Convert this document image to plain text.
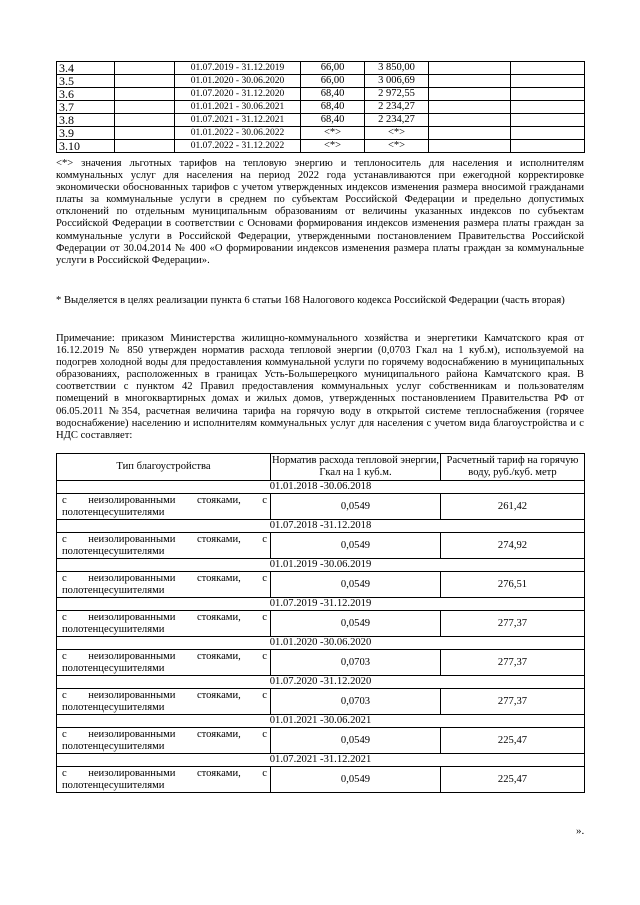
3.4		01.07.2019 - 31.12.2019	66,00	3 850,00		
3.5		01.01.2020 - 30.06.2020	66,00	3 006,69		
3.6		01.07.2020 - 31.12.2020	68,40	2 972,55		
3.7		01.01.2021 - 30.06.2021	68,40	2 234,27		
3.8		01.07.2021 - 31.12.2021	68,40	2 234,27		
3.9		01.01.2022 - 30.06.2022	<*>	<*>		
3.10		01.07.2022 - 31.12.2022	<*>	<*>		

<*> значения льготных тарифов на тепловую энергию и теплоноситель для населения и исполнителям коммунальных услуг для населения на период 2022 года устанавливаются при ежегодной корректировке экономически обоснованных тарифов с учетом утвержденных индексов изменения размера вносимой гражданами платы за коммунальные услуги в среднем по субъектам Российской Федерации и предельно допустимых отклонений по отдельным муниципальным образованиям от величины указанных индексов по субъектам Российской Федерации в соответствии с Основами формирования индексов изменения размера платы граждан за коммунальные услуги в Российской Федерации, утвержденными постановлением Правительства Российской Федерации от 30.04.2014 № 400 «О формировании индексов изменения размера платы граждан за коммунальные услуги в Российской Федерации».

* Выделяется в целях реализации пункта 6 статьи 168 Налогового кодекса Российской Федерации (часть вторая)

Примечание: приказом Министерства жилищно-коммунального хозяйства и энергетики Камчатского края от 16.12.2019 № 850 утвержден норматив расхода тепловой энергии (0,0703 Гкал на 1 куб.м), используемой на подогрев холодной воды для предоставления коммунальной услуги по горячему водоснабжению в муниципальных образованиях, расположенных в границах Усть-Большерецкого муниципального района Камчатского края. В соответствии с пунктом 42 Правил предоставления коммунальных услуг собственникам и пользователям помещений в многоквартирных домах и жилых домов, утвержденных постановлением Правительства РФ от 06.05.2011 №354, расчетная величина тарифа на горячую воду в открытой системе теплоснабжения (горячее водоснабжение) населению и исполнителям коммунальных услуг для населения с учетом вида благоустройства и с НДС составляет:

Тип благоустройства	Норматив расхода тепловой энергии, Гкал на 1 куб.м.	Расчетный тариф на горячую воду, руб./куб. метр
01.01.2018 -30.06.2018		

с неизолированными стояками, с
полотенцесушителями	0,0549	261,42
01.07.2018 -31.12.2018		

с неизолированными стояками, с
полотенцесушителями	0,0549	274,92
01.01.2019 -30.06.2019		

с неизолированными стояками, с
полотенцесушителями	0,0549	276,51
01.07.2019 -31.12.2019		

с неизолированными стояками, с
полотенцесушителями	0,0549	277,37
01.01.2020 -30.06.2020		

с неизолированными стояками, с
полотенцесушителями	0,0703	277,37
01.07.2020 -31.12.2020		

с неизолированными стояками, с
полотенцесушителями	0,0703	277,37
01.01.2021 -30.06.2021		

с неизолированными стояками, с
полотенцесушителями	0,0549	225,47
01.07.2021 -31.12.2021		

с неизолированными стояками, с
полотенцесушителями	0,0549	225,47
».
